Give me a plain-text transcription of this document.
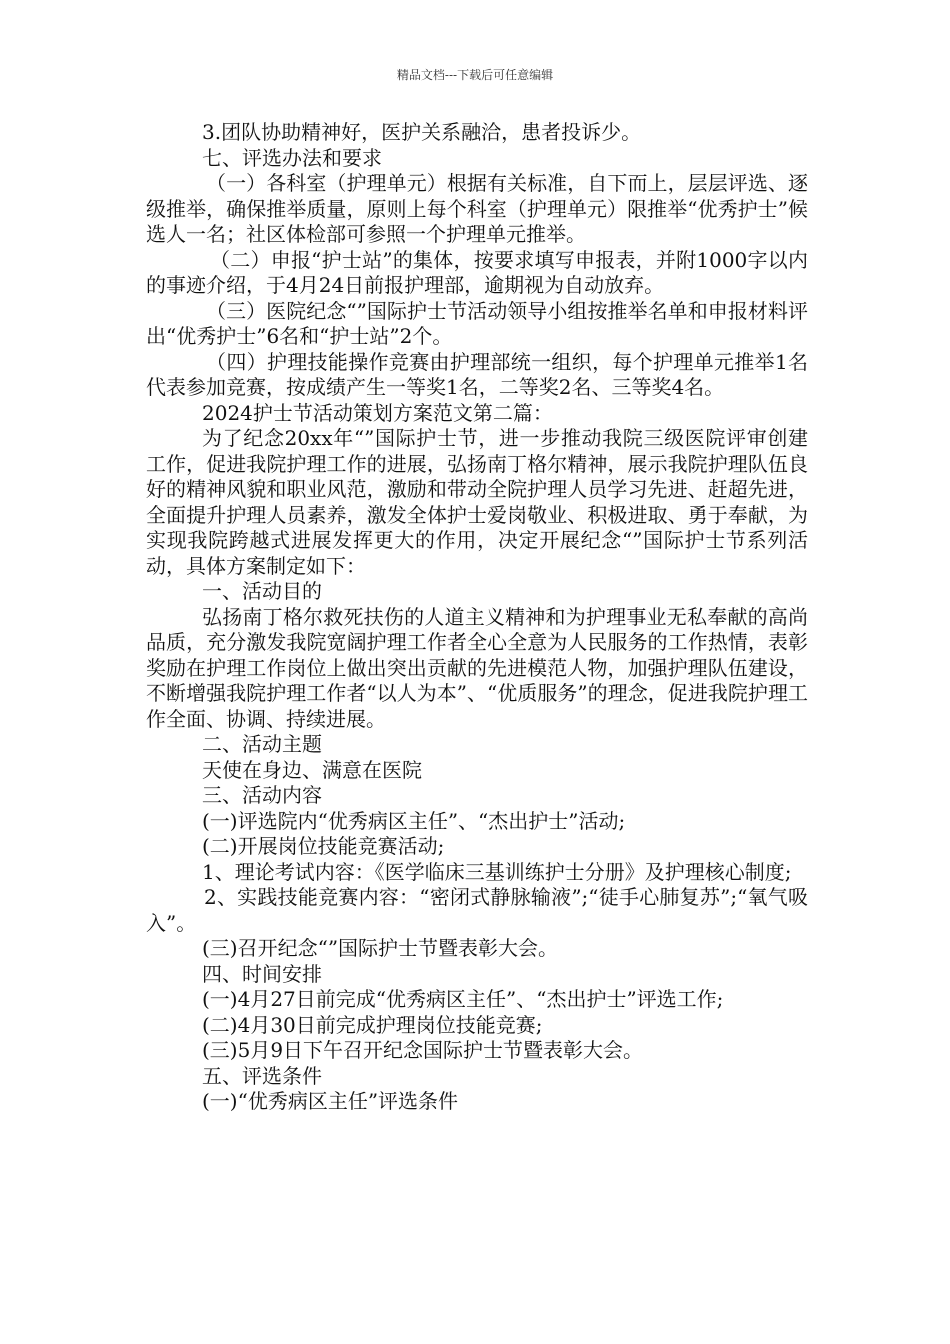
精品文档---下载后可任意编辑

3.团队协助精神好，医护关系融洽，患者投诉少。

七、评选办法和要求

（一）各科室（护理单元）根据有关标准，自下而上，层层评选、逐级推举，确保推举质量，原则上每个科室（护理单元）限推举“优秀护士”候选人一名；社区体检部可参照一个护理单元推举。

（二）申报“护士站”的集体，按要求填写申报表，并附1000字以内的事迹介绍，于4月24日前报护理部，逾期视为自动放弃。

（三）医院纪念“”国际护士节活动领导小组按推举名单和申报材料评出“优秀护士”6名和“护士站”2个。

（四）护理技能操作竞赛由护理部统一组织，每个护理单元推举1名代表参加竞赛，按成绩产生一等奖1名，二等奖2名、三等奖4名。

2024护士节活动策划方案范文第二篇：

为了纪念20xx年“”国际护士节，进一步推动我院三级医院评审创建工作，促进我院护理工作的进展，弘扬南丁格尔精神，展示我院护理队伍良好的精神风貌和职业风范，激励和带动全院护理人员学习先进、赶超先进，全面提升护理人员素养，激发全体护士爱岗敬业、积极进取、勇于奉献，为实现我院跨越式进展发挥更大的作用，决定开展纪念“”国际护士节系列活动，具体方案制定如下：

一、活动目的

弘扬南丁格尔救死扶伤的人道主义精神和为护理事业无私奉献的高尚品质，充分激发我院宽阔护理工作者全心全意为人民服务的工作热情，表彰奖励在护理工作岗位上做出突出贡献的先进模范人物，加强护理队伍建设，不断增强我院护理工作者“以人为本”、“优质服务”的理念，促进我院护理工作全面、协调、持续进展。

二、活动主题

天使在身边、满意在医院

三、活动内容

(一)评选院内“优秀病区主任”、“杰出护士”活动;

(二)开展岗位技能竞赛活动;

1、理论考试内容：《医学临床三基训练护士分册》及护理核心制度;

2、实践技能竞赛内容：“密闭式静脉输液”;“徒手心肺复苏”;“氧气吸入”。

(三)召开纪念“”国际护士节暨表彰大会。

四、时间安排

(一)4月27日前完成“优秀病区主任”、“杰出护士”评选工作;

(二)4月30日前完成护理岗位技能竞赛;

(三)5月9日下午召开纪念国际护士节暨表彰大会。

五、评选条件

(一)“优秀病区主任”评选条件
